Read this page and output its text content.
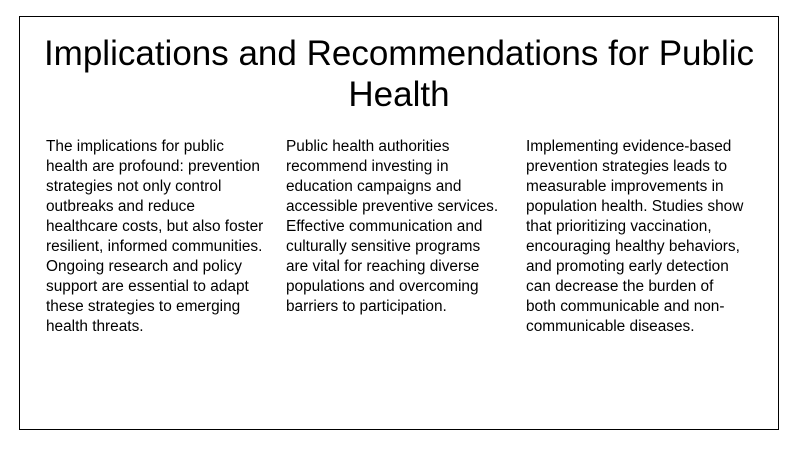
Implications and Recommendations for Public Health

The implications for public health are profound: prevention strategies not only control outbreaks and reduce healthcare costs, but also foster resilient, informed communities. Ongoing research and policy support are essential to adapt these strategies to emerging health threats.

Public health authorities recommend investing in education campaigns and accessible preventive services. Effective communication and culturally sensitive programs are vital for reaching diverse populations and overcoming barriers to participation.

Implementing evidence-based prevention strategies leads to measurable improvements in population health. Studies show that prioritizing vaccination, encouraging healthy behaviors, and promoting early detection can decrease the burden of both communicable and non-communicable diseases.
